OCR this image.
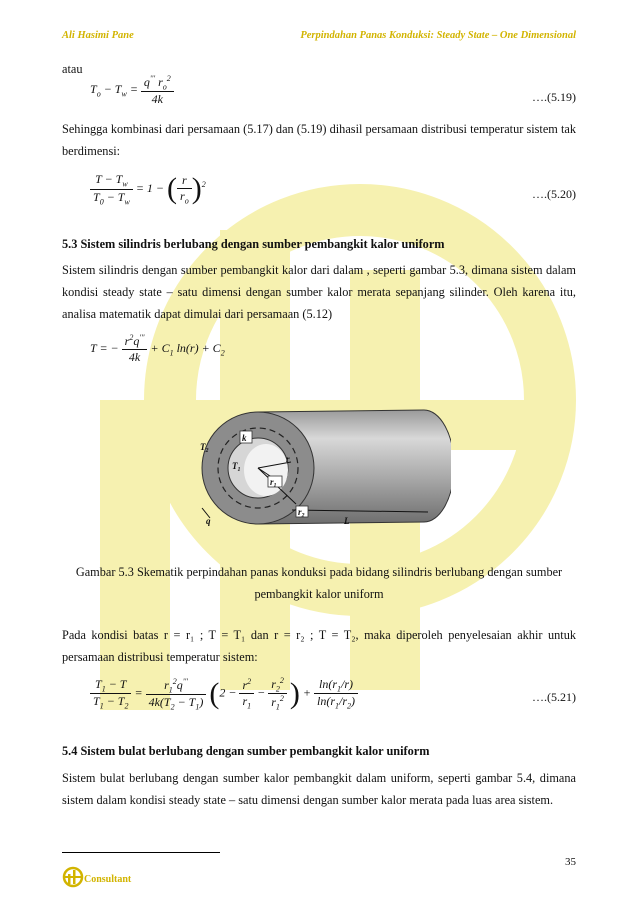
Ali Hasimi Pane	Perpindahan Panas Konduksi: Steady State – One Dimensional
atau
$T_o - T_w = \frac{q''' r_o^2}{4k}$	….(5.19)
Sehingga kombinasi dari persamaan (5.17) dan (5.19) dihasil persamaan distribusi temperatur sistem tak berdimensi:
$\frac{T - T_w}{T_0 - T_w} = 1$ − ( $\frac{r}{r_o} )^2$
….(5.20)
5.3 Sistem silindris berlubang dengan sumber pembangkit kalor uniform
Sistem silindris dengan sumber pembangkit kalor dari dalam , seperti gambar 5.3, dimana sistem dalam kondisi steady state – satu dimensi dengan sumber kalor merata sepanjang silinder. Oleh karena itu, analisa matematik dapat dimulai dari persamaan (5.12)
T = − $\frac{r^2q'''}{4k} + C_1$ $\ln(r) + C_2$
$T_2$
k
$T_1$
r
$r_1$
$r_2$
q	L
Gambar 5.3 Skematik perpindahan panas konduksi pada bidang silindris berlubang dengan sumber
pembangkit kalor uniform
Pada kondisi batas r = r₁ ; T = T₁ dan r = r₂ ; T = T₂, maka diperoleh penyelesaian akhir untuk persamaan distribusi temperatur sistem:
$\frac{T_1 - T}{T_1 - T_2} = \frac{r_1^2q'''}{4k(T_2 - T_1)} (2 - \frac{r^2}{r_1} - \frac{r_2^2}{r_1^2}$ ) + $\frac{\ln(r_1/r)}{\ln(r_1/r_2)}$	….(5.21)
5.4 Sistem bulat berlubang dengan sumber pembangkit kalor uniform
Sistem bulat berlubang dengan sumber kalor pembangkit dalam uniform, seperti gambar 5.4, dimana sistem dalam kondisi steady state – satu dimensi dengan sumber kalor merata pada luas area sistem.
35
Consultant
